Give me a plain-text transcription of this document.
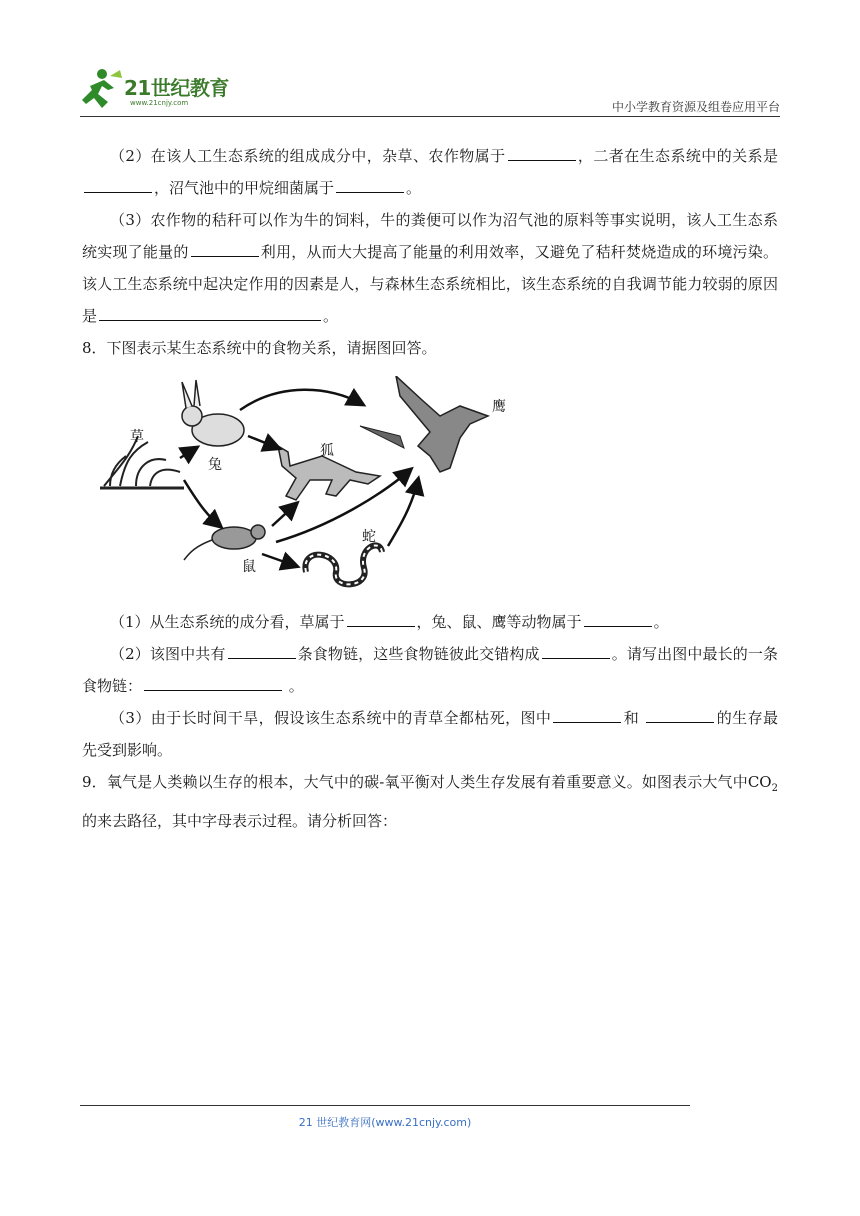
21世纪教育
www.21cnjy.com	中小学教育资源及组卷应用平台

（2）在该人工生态系统的组成成分中，杂草、农作物属于	，二者在生态系统中的关系是，沼气池中的甲烷细菌属于	。

（3）农作物的秸秆可以作为牛的饲料，牛的粪便可以作为沼气池的原料等事实说明，该人工生态系统实现了能量的	利用，从而大大提高了能量的利用效率，又避免了秸秆焚烧造成的环境污染。该人工生态系统中起决定作用的因素是人，与森林生态系统相比，该生态系统的自我调节能力较弱的原因是	。

8．下图表示某生态系统中的食物关系，请据图回答。

草
兔
狐
鹰
鼠
蛇

（1）从生态系统的成分看，草属于	，兔、鼠、鹰等动物属于	。

（2）该图中共有	条食物链，这些食物链彼此交错构成	。请写出图中最长的一条食物链：	。

（3）由于长时间干旱，假设该生态系统中的青草全都枯死，图中	和	的生存最先受到影响。

9．氧气是人类赖以生存的根本，大气中的碳-氧平衡对人类生存发展有着重要意义。如图表示大气中$CO_2$的来去路径，其中字母表示过程。请分析回答：

21 世纪教育网(www.21cnjy.com)
